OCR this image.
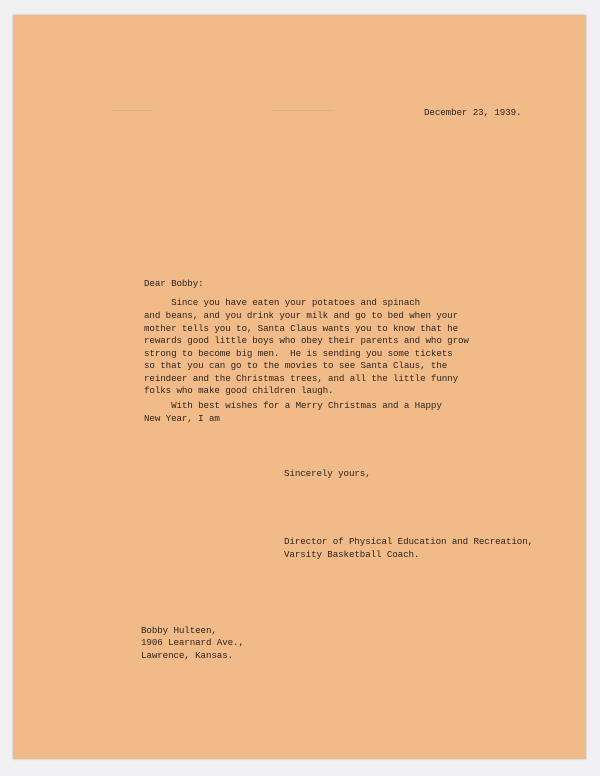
December 23, 1939.
Dear Bobby:
Since you have eaten your potatoes and spinach
and beans, and you drink your milk and go to bed when your
mother tells you to, Santa Claus wants you to know that he
rewards good little boys who obey their parents and who grow
strong to become big men.  He is sending you some tickets
so that you can go to the movies to see Santa Claus, the
reindeer and the Christmas trees, and all the little funny
folks who make good children laugh.
With best wishes for a Merry Christmas and a Happy
New Year, I am
Sincerely yours,
Director of Physical Education and Recreation,
Varsity Basketball Coach.
Bobby Hulteen,
1906 Learnard Ave.,
Lawrence, Kansas.
